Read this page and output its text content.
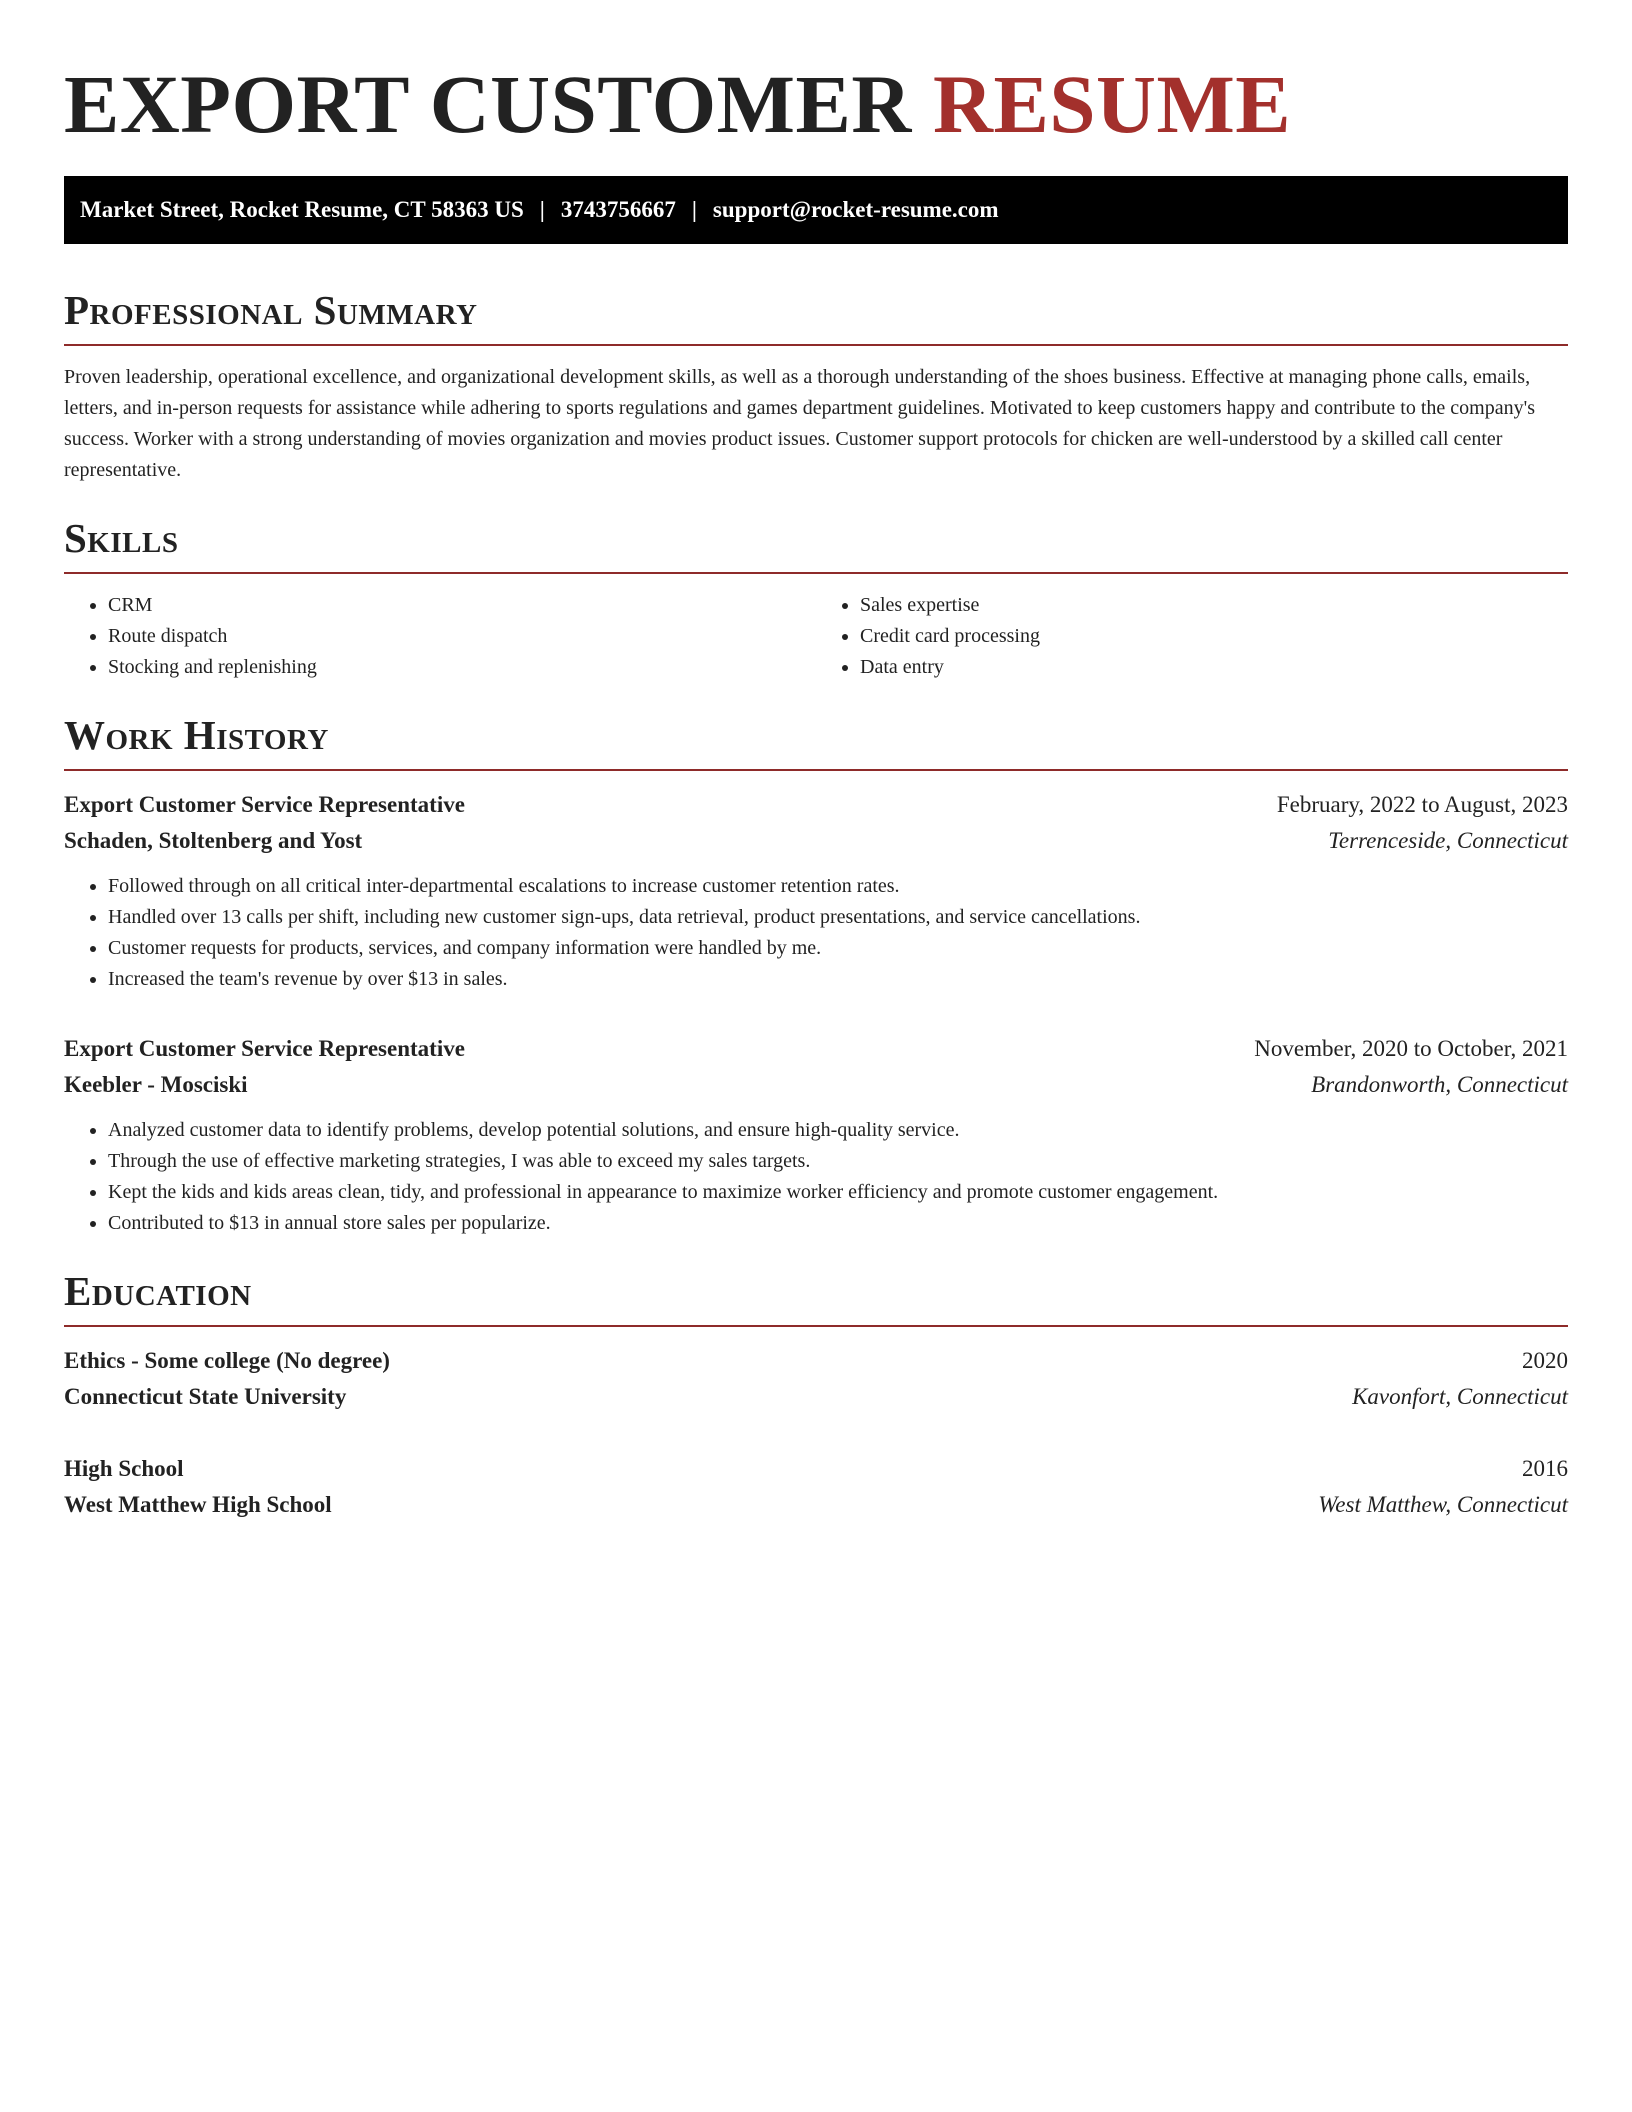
EXPORT CUSTOMER RESUME
Market Street, Rocket Resume, CT 58363 US | 3743756667 | support@rocket-resume.com
Professional Summary

Proven leadership, operational excellence, and organizational development skills, as well as a thorough understanding of the shoes business. Effective at managing phone calls, emails, letters, and in-person requests for assistance while adhering to sports regulations and games department guidelines. Motivated to keep customers happy and contribute to the company's success. Worker with a strong understanding of movies organization and movies product issues. Customer support protocols for chicken are well-understood by a skilled call center representative.

Skills
• CRM
• Route dispatch
• Stocking and replenishing
• Sales expertise
• Credit card processing
• Data entry
Work History
Export Customer Service Representative	February, 2022 to August, 2023
Schaden, Stoltenberg and Yost	Terrenceside, Connecticut
• Followed through on all critical inter-departmental escalations to increase customer retention rates.
• Handled over 13 calls per shift, including new customer sign-ups, data retrieval, product presentations, and service cancellations.
• Customer requests for products, services, and company information were handled by me.
• Increased the team's revenue by over $13 in sales.
Export Customer Service Representative	November, 2020 to October, 2021
Keebler - Mosciski	Brandonworth, Connecticut
• Analyzed customer data to identify problems, develop potential solutions, and ensure high-quality service.
• Through the use of effective marketing strategies, I was able to exceed my sales targets.
• Kept the kids and kids areas clean, tidy, and professional in appearance to maximize worker efficiency and promote customer engagement.
• Contributed to $13 in annual store sales per popularize.
Education
Ethics - Some college (No degree)	2020
Connecticut State University	Kavonfort, Connecticut
High School	2016
West Matthew High School	West Matthew, Connecticut
